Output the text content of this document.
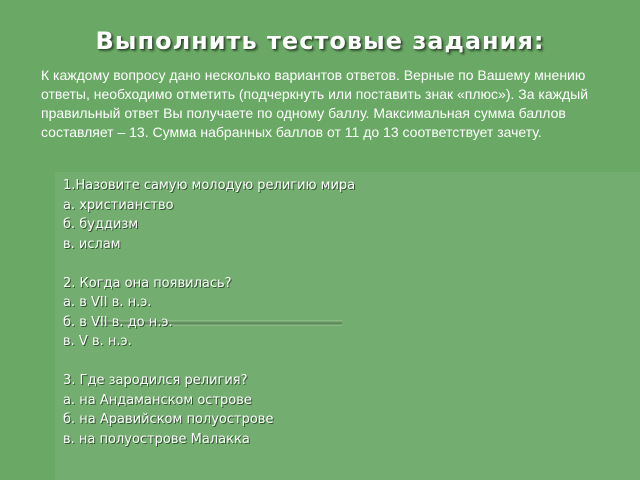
Выполнить тестовые задания:
К каждому вопросу дано несколько вариантов ответов. Верные по Вашему мнению ответы, необходимо отметить (подчеркнуть или поставить знак «плюс»). За каждый правильный ответ Вы получаете по одному баллу. Максимальная сумма баллов составляет – 13. Сумма набранных баллов от 11 до 13 соответствует зачету.
1.Назовите самую молодую религию мира
а. христианство
б. буддизм
в. ислам
2. Когда она появилась?
а. в VII в. н.э.
б. в VII в. до н.э.
в. V в. н.э.
3. Где зародился религия?
а. на Андаманском острове
б. на Аравийском полуострове
в. на полуострове Малакка
